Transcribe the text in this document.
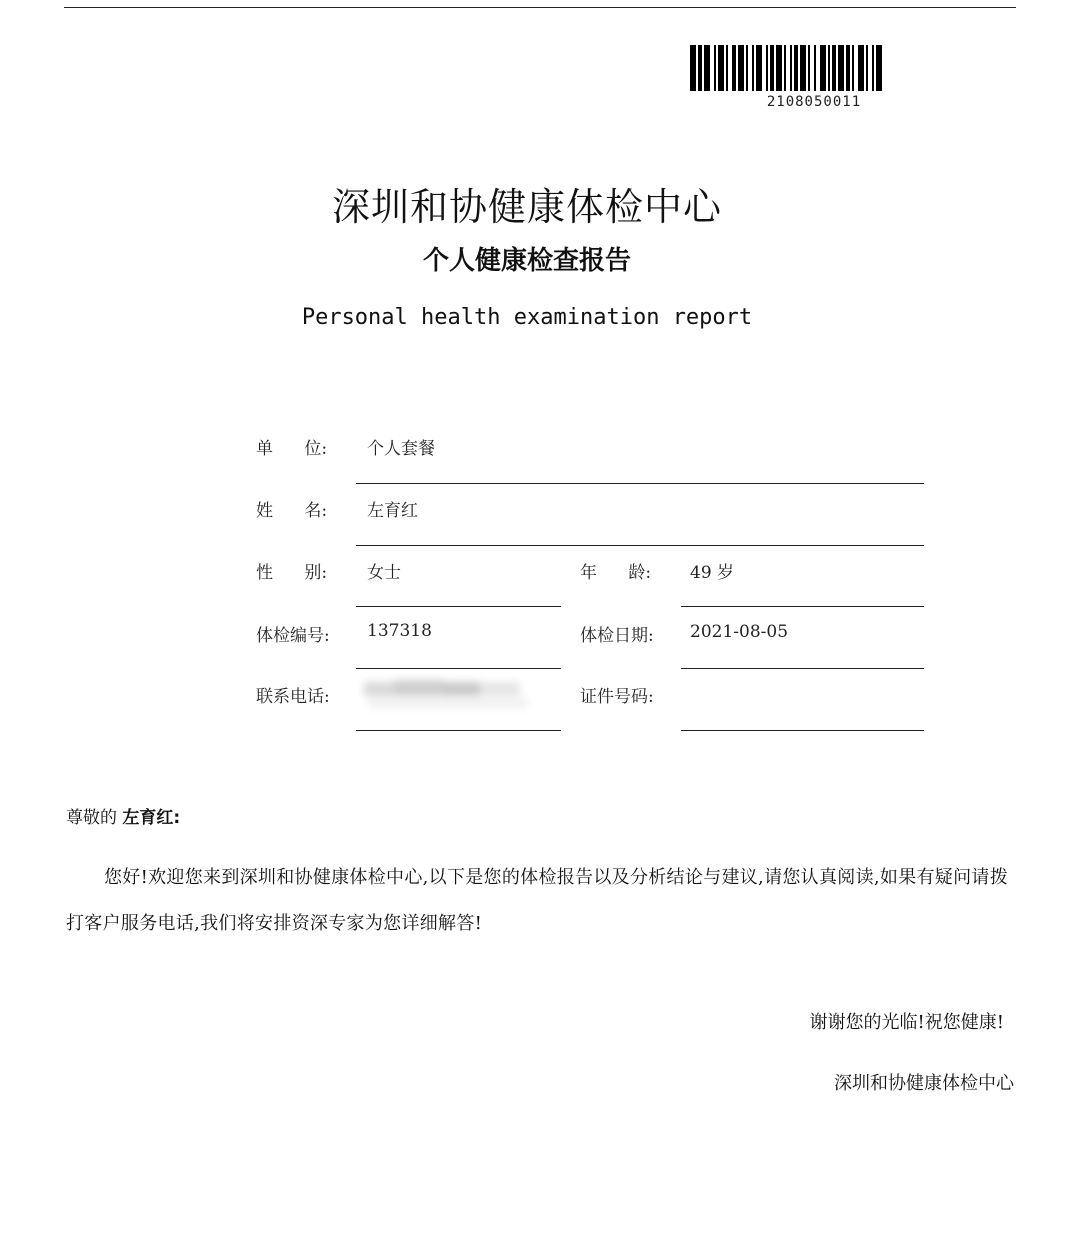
2108050011
深圳和协健康体检中心
个人健康检查报告
Personal health examination report
单 位: 个人套餐
姓 名: 左育红
性 别: 女士	年 龄: 49 岁
体检编号: 137318	体检日期: 2021-08-05
联系电话:	证件号码:
尊敬的 左育红:
您好!欢迎您来到深圳和协健康体检中心,以下是您的体检报告以及分析结论与建议,请您认真阅读,如果有疑问请拨打客户服务电话,我们将安排资深专家为您详细解答!
谢谢您的光临!祝您健康!
深圳和协健康体检中心
